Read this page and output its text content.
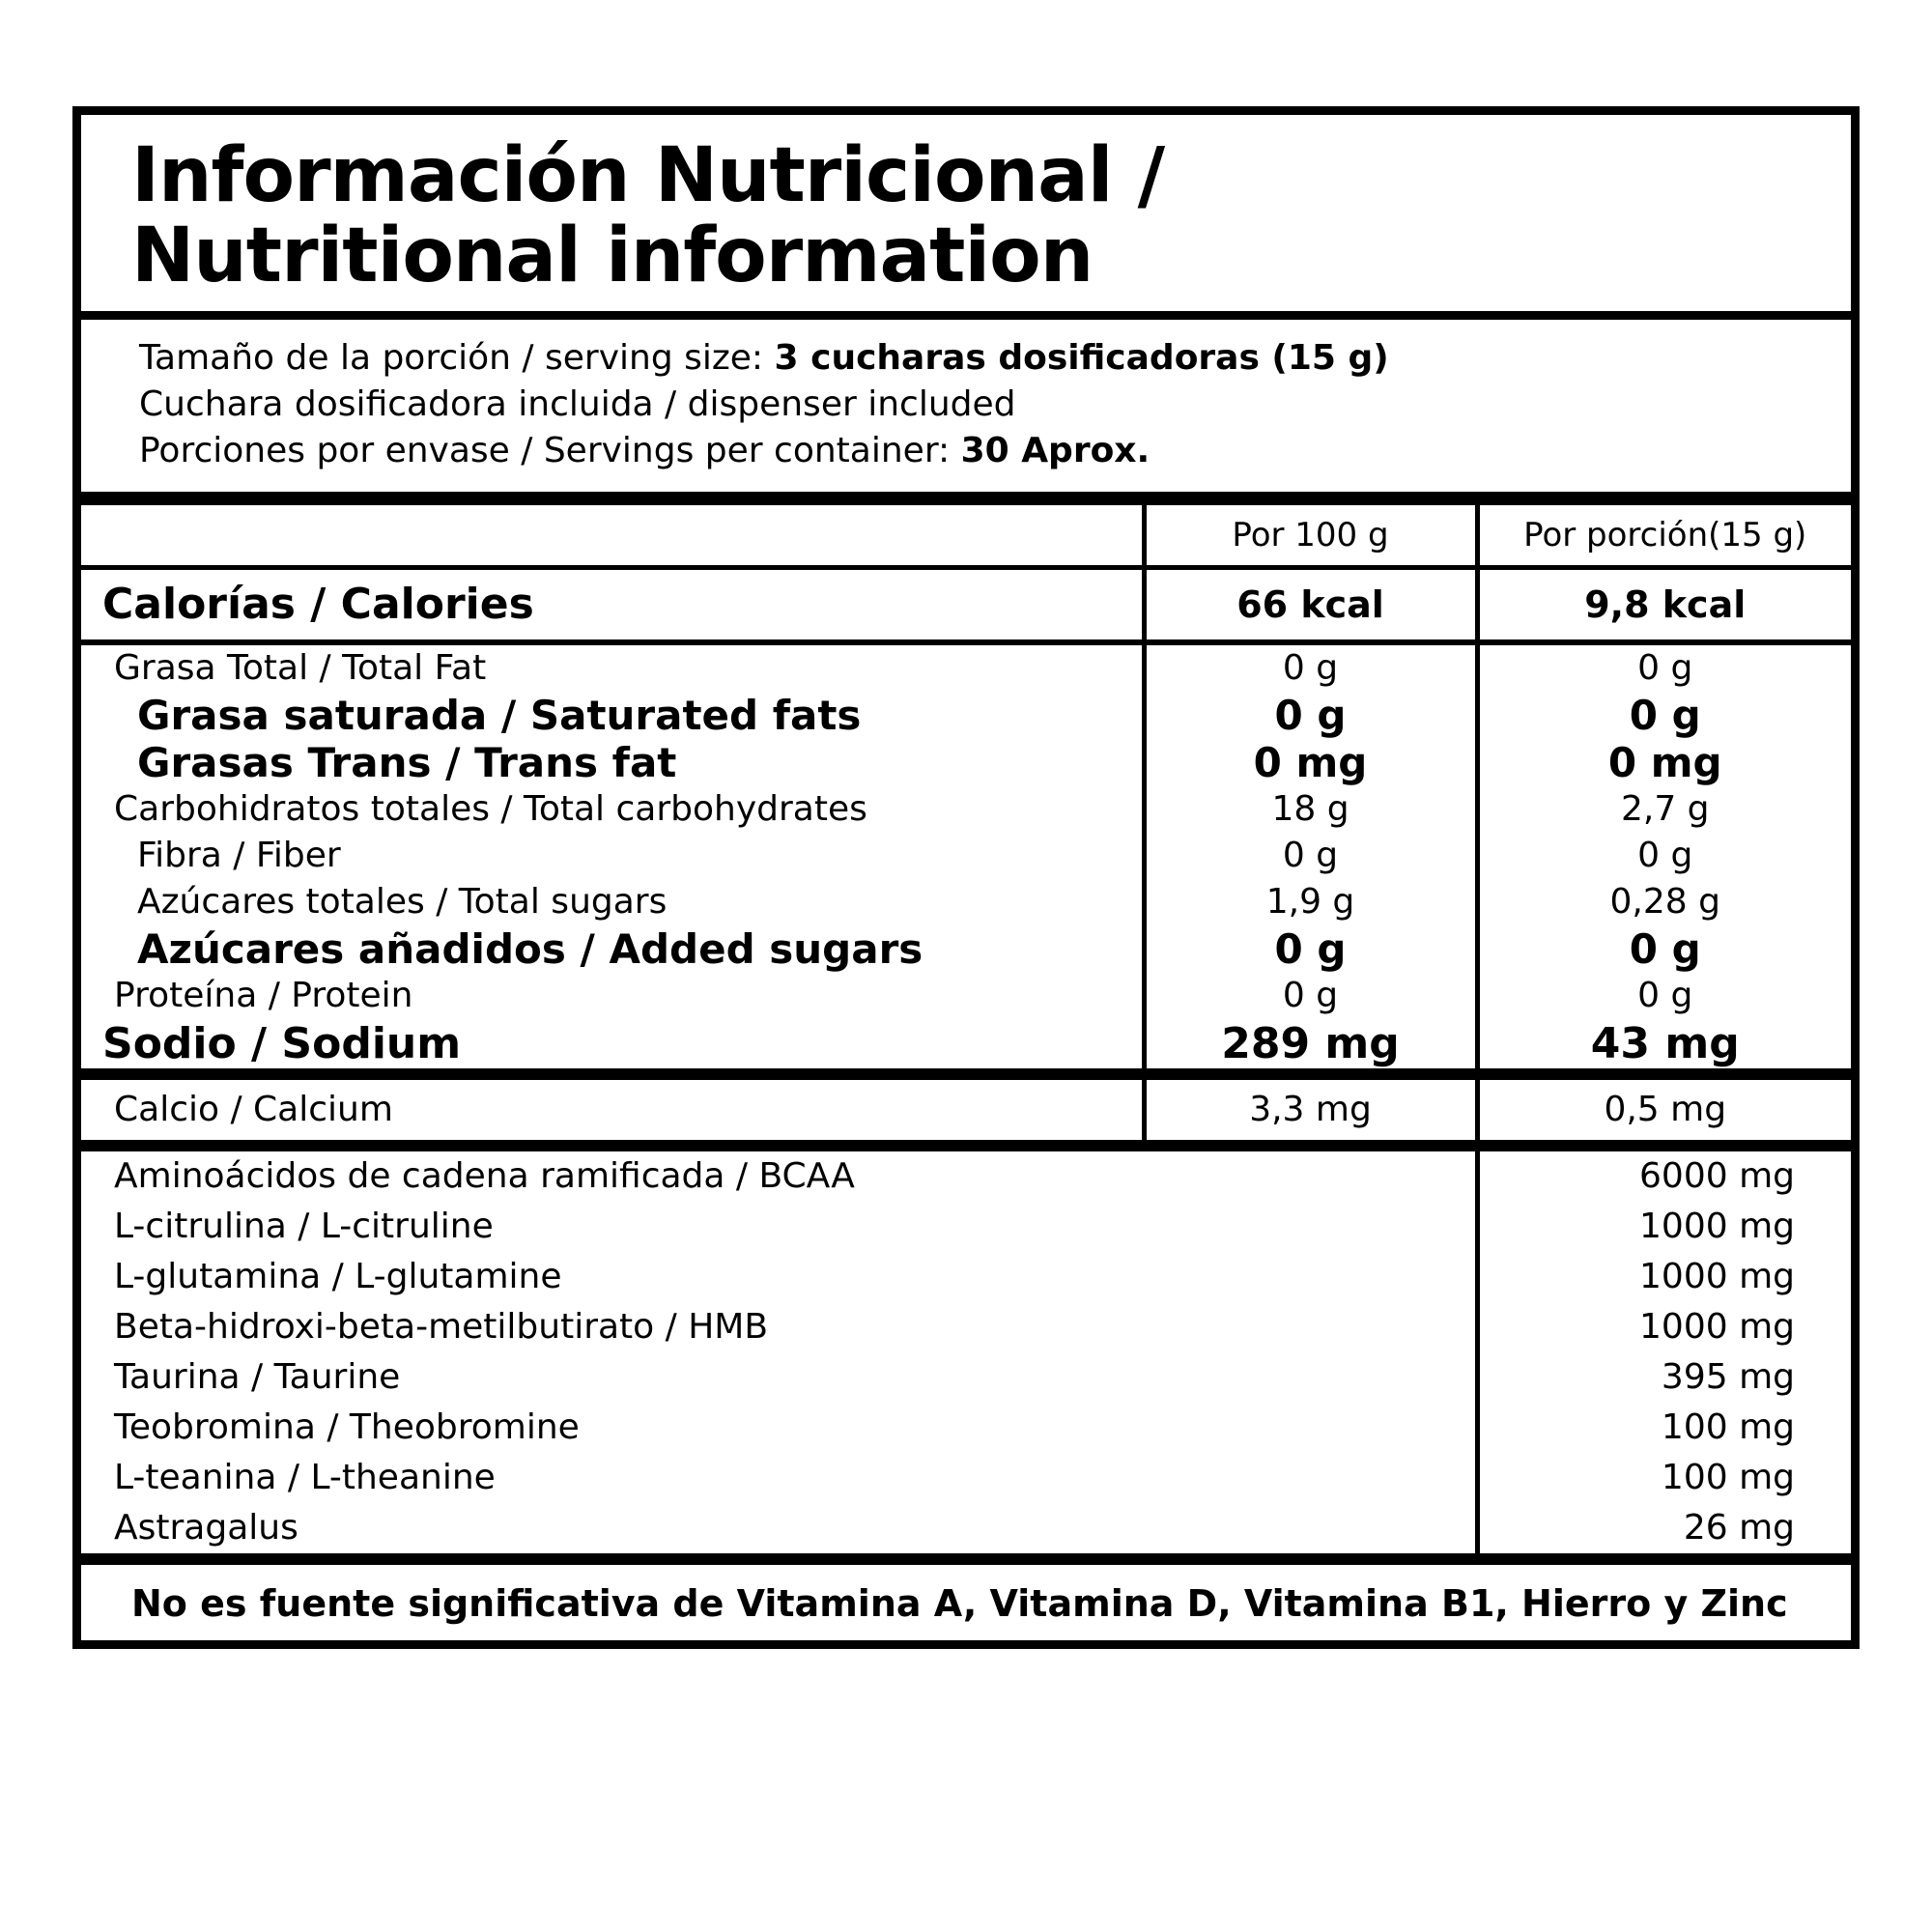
Información Nutricional /
Nutritional information
Tamaño de la porción / serving size: 3 cucharas dosificadoras (15 g)
Cuchara dosificadora incluida / dispenser included
Porciones por envase / Servings per container: 30 Aprox.
	Por 100 g	Por porción(15 g)
Calorías / Calories	66 kcal	9,8 kcal
Grasa Total / Total Fat	0 g	0 g
Grasa saturada / Saturated fats	0 g	0 g
Grasas Trans / Trans fat	0 mg	0 mg
Carbohidratos totales / Total carbohydrates	18 g	2,7 g
Fibra / Fiber	0 g	0 g
Azúcares totales / Total sugars	1,9 g	0,28 g
Azúcares añadidos / Added sugars	0 g	0 g
Proteína / Protein	0 g	0 g
Sodio / Sodium	289 mg	43 mg

Calcio / Calcium	3,3 mg	0,5 mg

Aminoácidos de cadena ramificada / BCAA		6000 mg
L-citrulina / L-citruline		1000 mg
L-glutamina / L-glutamine		1000 mg
Beta-hidroxi-beta-metilbutirato / HMB		1000 mg
Taurina / Taurine		395 mg
Teobromina / Theobromine		100 mg
L-teanina / L-theanine		100 mg
Astragalus		26 mg
No es fuente significativa de Vitamina A, Vitamina D, Vitamina B1, Hierro y Zinc
